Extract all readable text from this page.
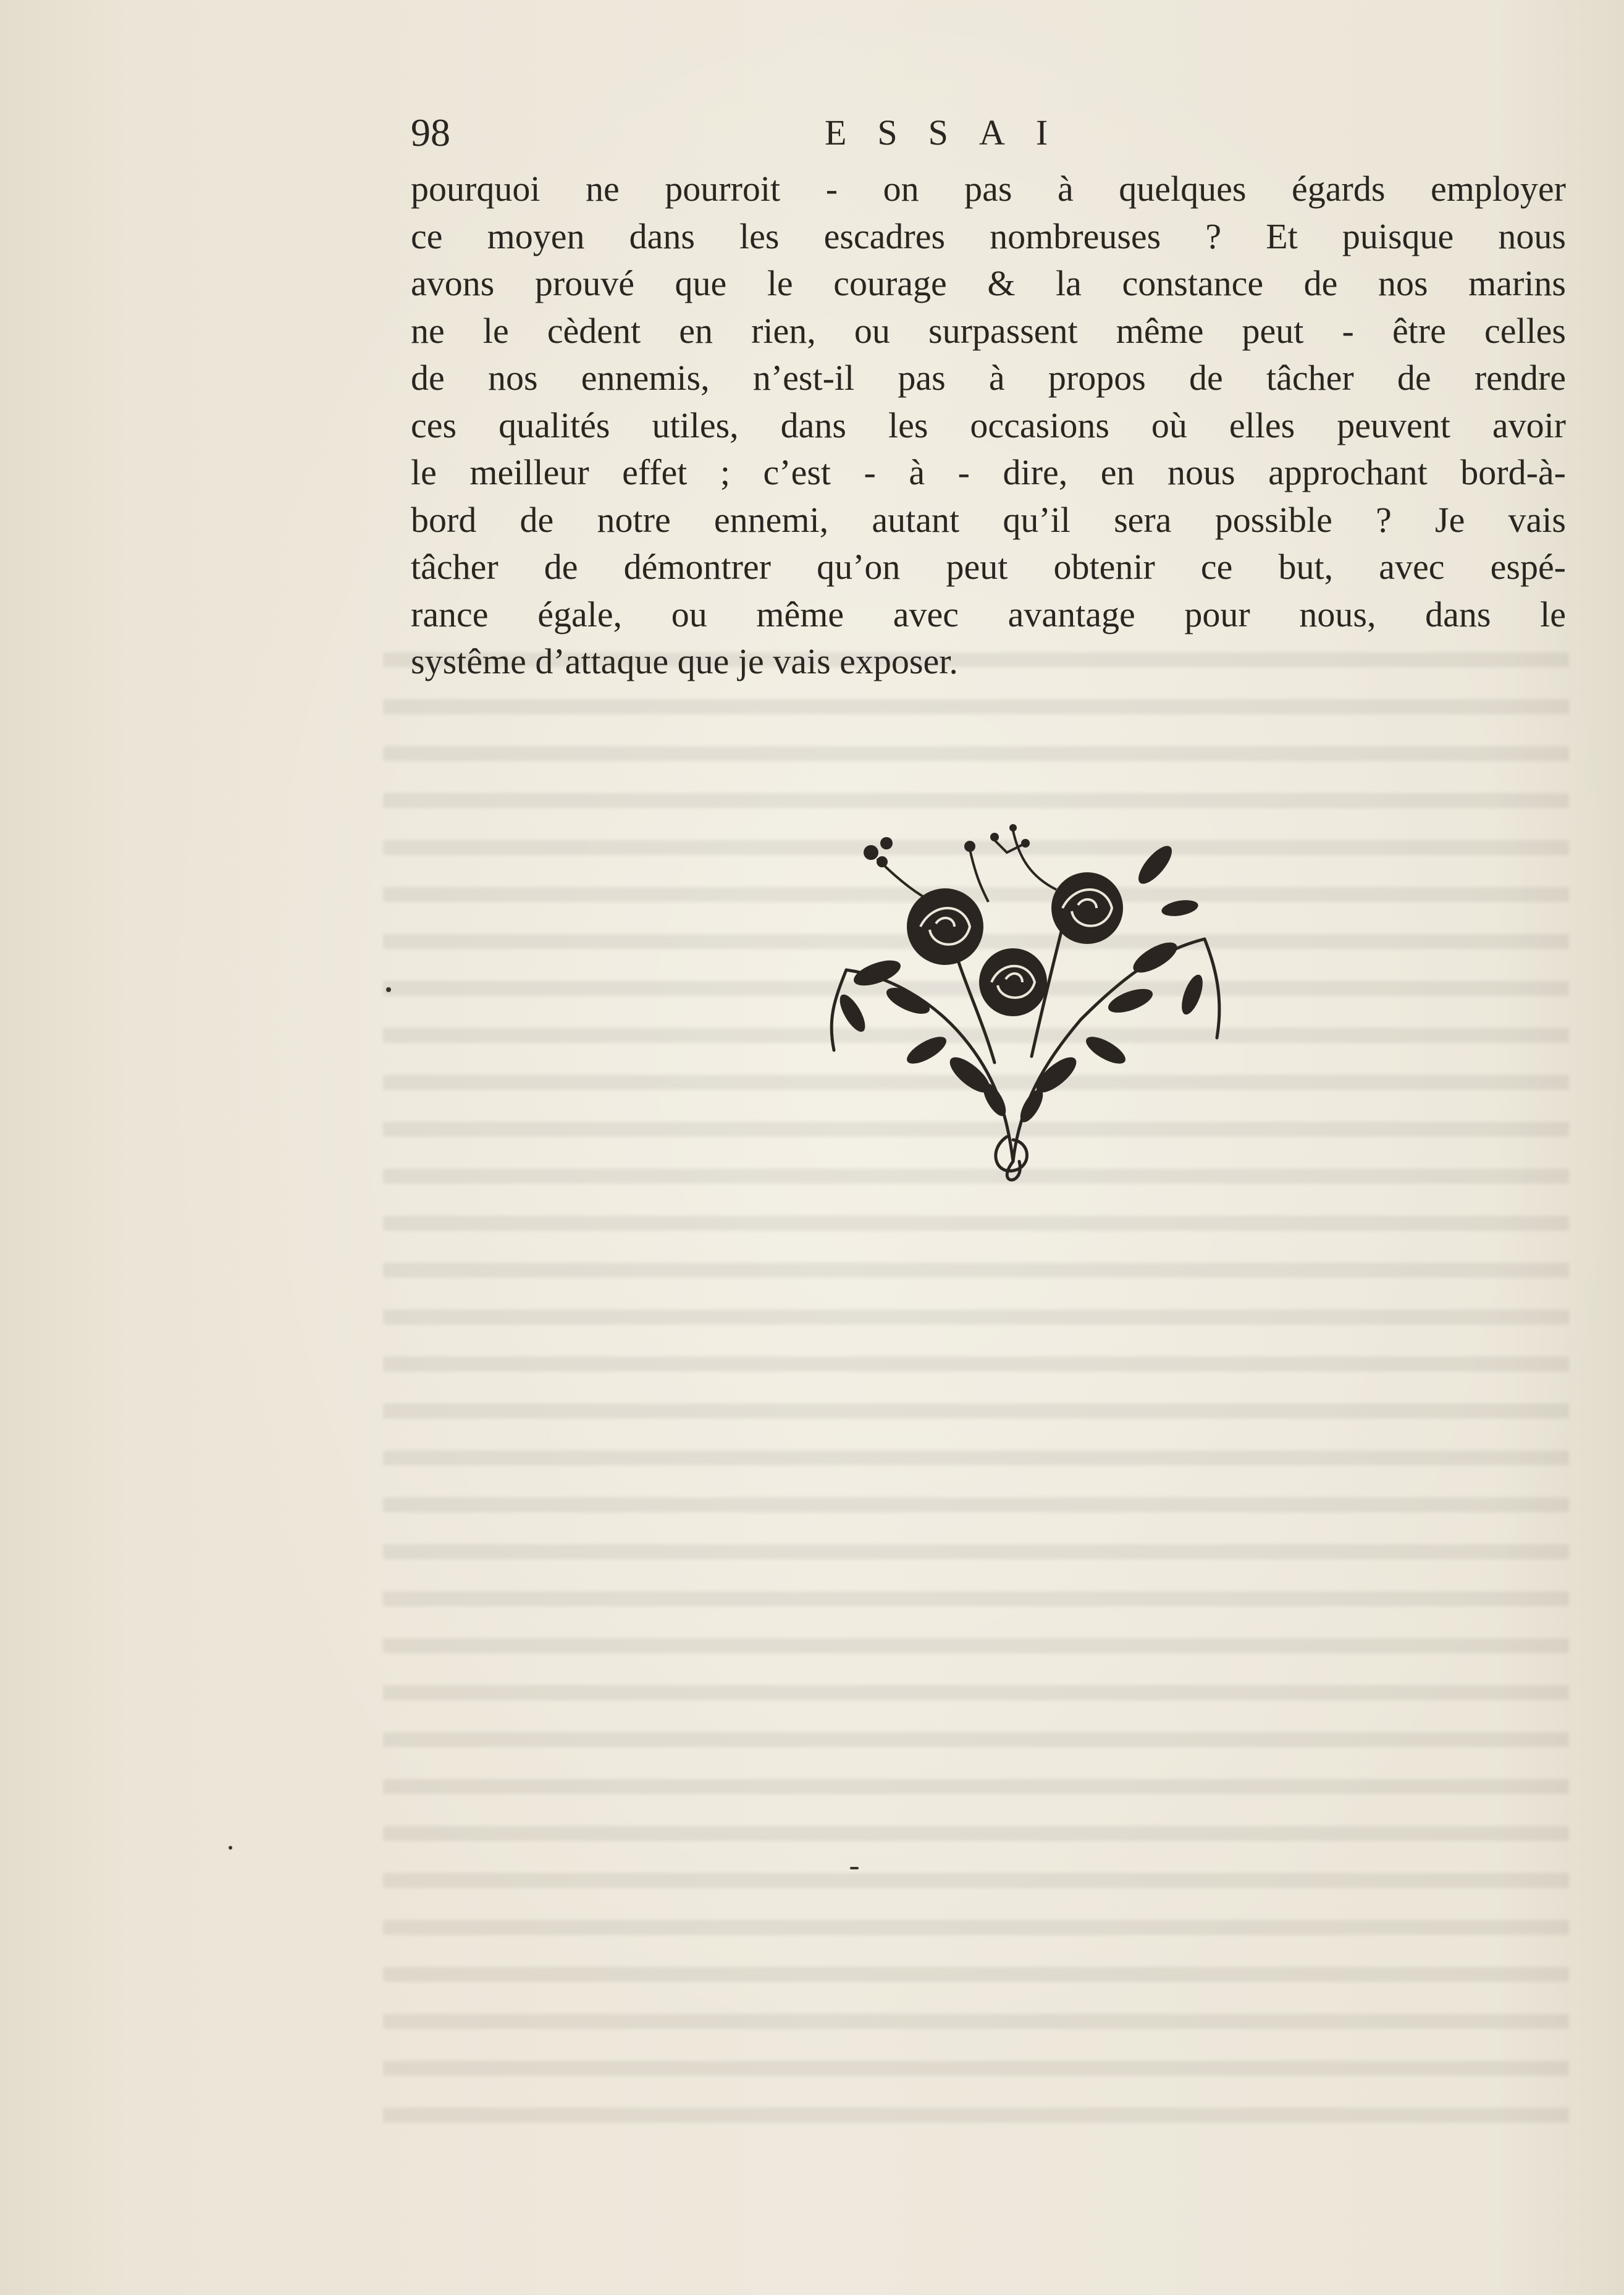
98	ESSAI
pourquoi ne pourroit - on pas à quelques égards employer
ce moyen dans les escadres nombreuses ? Et puisque nous
avons prouvé que le courage & la constance de nos marins
ne le cèdent en rien, ou surpassent même peut - être celles
de nos ennemis, n’est-il pas à propos de tâcher de rendre
ces qualités utiles, dans les occasions où elles peuvent avoir
le meilleur effet ; c’est - à - dire, en nous approchant bord-à-
bord de notre ennemi, autant qu’il sera possible ? Je vais
tâcher de démontrer qu’on peut obtenir ce but, avec espé-
rance égale, ou même avec avantage pour nous, dans le
systême d’attaque que je vais exposer.
